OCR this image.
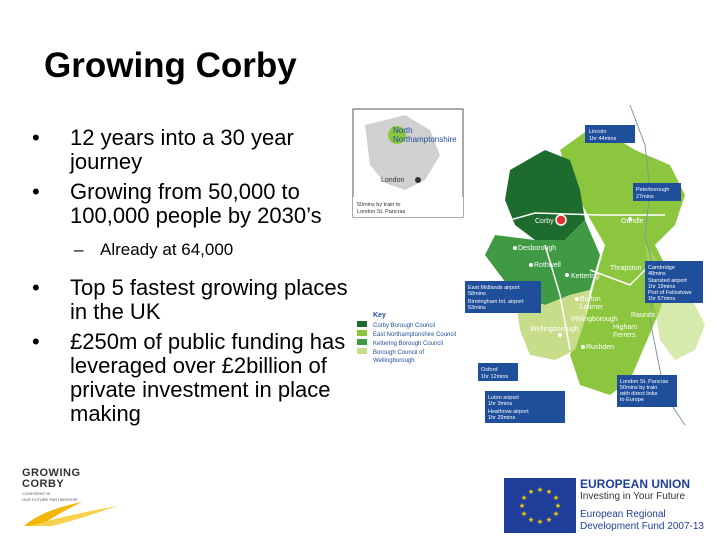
Growing Corby
• 12 years into a 30 year journey
• Growing from 50,000 to 100,000 people by 2030’s
– Already at 64,000
• Top 5 fastest growing places in the UK
• £250m of public funding has leveraged over £2billion of private investment in place making
North
Northamptonshire
London
50mins by train to
London St. Pancras
Corby
Desborough
Rothwell
Kettering
Thrapston
Oundle
Burton
Latimer
Irthlingborough
Raunds
Wellingborough	Higham
Ferrers
Rushden
Lincoln
1hr 44mins
Peterborough
27mins
Cambridge
48mins
Stansted airport
1hr 19mins
Port of Felixstowe
1hr 57mins
East Midlands airport
58mins
Birmingham Int. airport
53mins
Oxford
1hr 12mins
Luton airport
1hr 3mins
Heathrow airport
1hr 29mins
London St. Pancras
50mins by train
with direct links
to Europe
Key
Corby Borough Council
East Northamptonshire Council
Kettering Borough Council
Borough Council of
Wellingborough
GROWING
CORBY
CONFIDENT IN
OUR FUTURE PARTNERSHIP
★ ★
★
★
★
★
★
★
★
★
★
★
EUROPEAN UNION
Investing in Your Future
European Regional
Development Fund 2007-13
